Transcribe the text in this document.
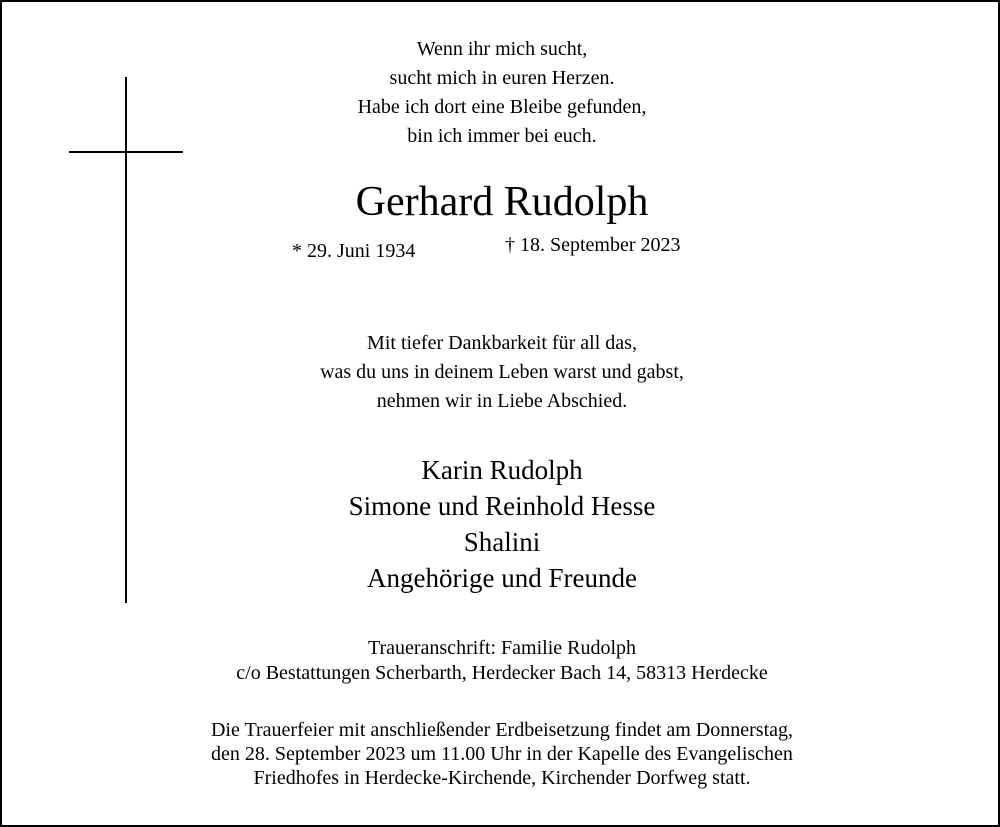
Wenn ihr mich sucht,
sucht mich in euren Herzen.
Habe ich dort eine Bleibe gefunden,
bin ich immer bei euch.
Gerhard Rudolph
* 29. Juni 1934	† 18. September 2023
Mit tiefer Dankbarkeit für all das,
was du uns in deinem Leben warst und gabst,
nehmen wir in Liebe Abschied.
Karin Rudolph
Simone und Reinhold Hesse
Shalini
Angehörige und Freunde
Traueranschrift: Familie Rudolph
c/o Bestattungen Scherbarth, Herdecker Bach 14, 58313 Herdecke
Die Trauerfeier mit anschließender Erdbeisetzung findet am Donnerstag,
den 28. September 2023 um 11.00 Uhr in der Kapelle des Evangelischen
Friedhofes in Herdecke-Kirchende, Kirchender Dorfweg statt.
